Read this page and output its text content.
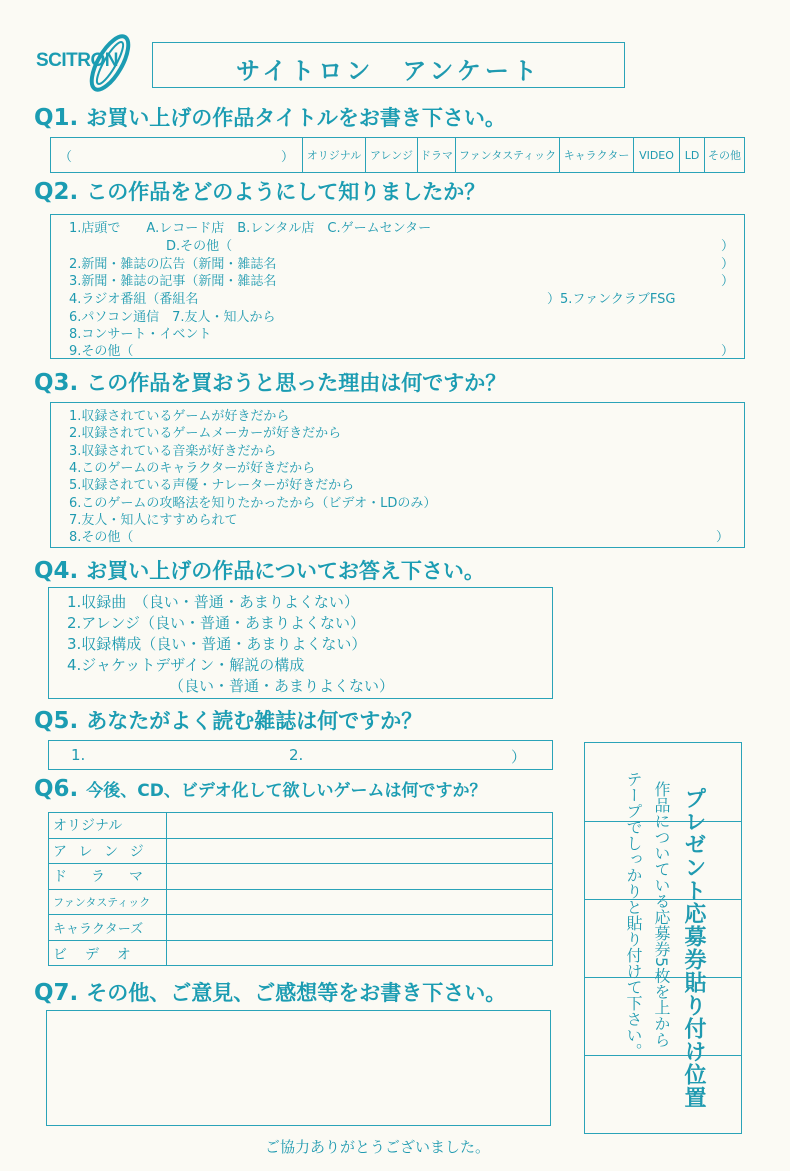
SCITRON	サイトロン　アンケート
Q1. お買い上げの作品タイトルをお書き下さい。
（	）	オリジナル アレンジ ドラマ ファンタスティック キャラクター VIDEO LD その他
Q2. この作品をどのようにして知りましたか？
1.店頭で　　A.レコード店　B.レンタル店　C.ゲームセンター
D.その他（	）
2.新聞・雑誌の広告（新聞・雑誌名	）
3.新聞・雑誌の記事（新聞・雑誌名	）
4.ラジオ番組（番組名	）5.ファンクラブFSG
6.パソコン通信　7.友人・知人から
8.コンサート・イベント
9.その他（	）
Q3. この作品を買おうと思った理由は何ですか？
1.収録されているゲームが好きだから
2.収録されているゲームメーカーが好きだから
3.収録されている音楽が好きだから
4.このゲームのキャラクターが好きだから
5.収録されている声優・ナレーターが好きだから
6.このゲームの攻略法を知りたかったから（ビデオ・LDのみ）
7.友人・知人にすすめられて
8.その他（	）
Q4. お買い上げの作品についてお答え下さい。
1.収録曲　（良い・普通・あまりよくない）
2.アレンジ（良い・普通・あまりよくない）
3.収録構成（良い・普通・あまりよくない）
4.ジャケットデザイン・解説の構成
（良い・普通・あまりよくない）
Q5. あなたがよく読む雑誌は何ですか？
1.	2.	）
Q6. 今後、CD、ビデオ化して欲しいゲームは何ですか？
オリジナル
アレンジ
ドラマ
ファンタスティック
キャラクターズ
ビデオ
Q7. その他、ご意見、ご感想等をお書き下さい。	プレゼント応募券貼り付け位置
作品についている応募券5枚を上から
テープでしっかりと貼り付けて下さい。
ご協力ありがとうございました。
